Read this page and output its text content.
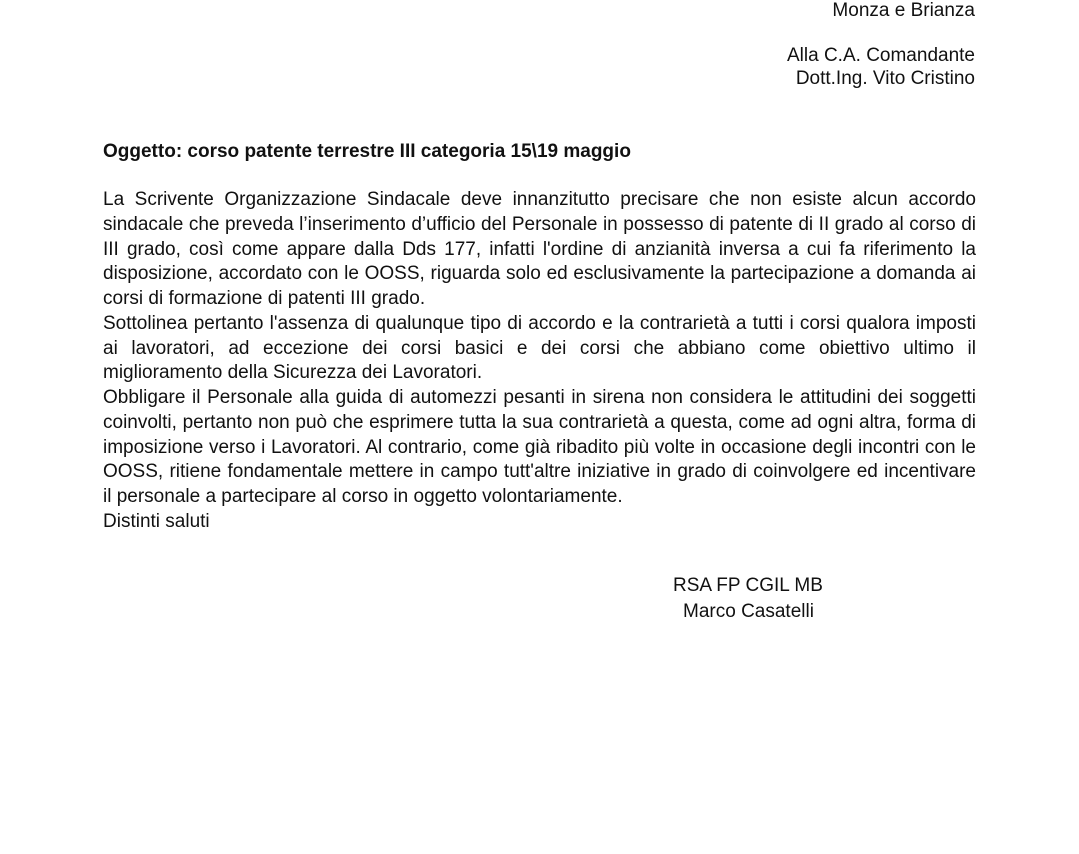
Monza e Brianza
Alla C.A. Comandante
Dott.Ing. Vito Cristino
Oggetto: corso patente terrestre III categoria 15\19 maggio

La Scrivente Organizzazione Sindacale deve innanzitutto precisare che non esiste alcun accordo sindacale che preveda l’inserimento d’ufficio del Personale in possesso di patente di II grado al corso di III grado, così come appare dalla Dds 177, infatti l'ordine di anzianità inversa a cui fa riferimento la disposizione, accordato con le OOSS, riguarda solo ed esclusivamente la partecipazione a domanda ai corsi di formazione di patenti III grado.

Sottolinea pertanto l'assenza di qualunque tipo di accordo e la contrarietà a tutti i corsi qualora imposti ai lavoratori, ad eccezione dei corsi basici e dei corsi che abbiano come obiettivo ultimo il miglioramento della Sicurezza dei Lavoratori.

Obbligare il Personale alla guida di automezzi pesanti in sirena non considera le attitudini dei soggetti coinvolti, pertanto non può che esprimere tutta la sua contrarietà a questa, come ad ogni altra, forma di imposizione verso i Lavoratori. Al contrario, come già ribadito più volte in occasione degli incontri con le OOSS, ritiene fondamentale mettere in campo tutt'altre iniziative in grado di coinvolgere ed incentivare il personale a partecipare al corso in oggetto volontariamente.

Distinti saluti

RSA FP CGIL MB
Marco Casatelli
